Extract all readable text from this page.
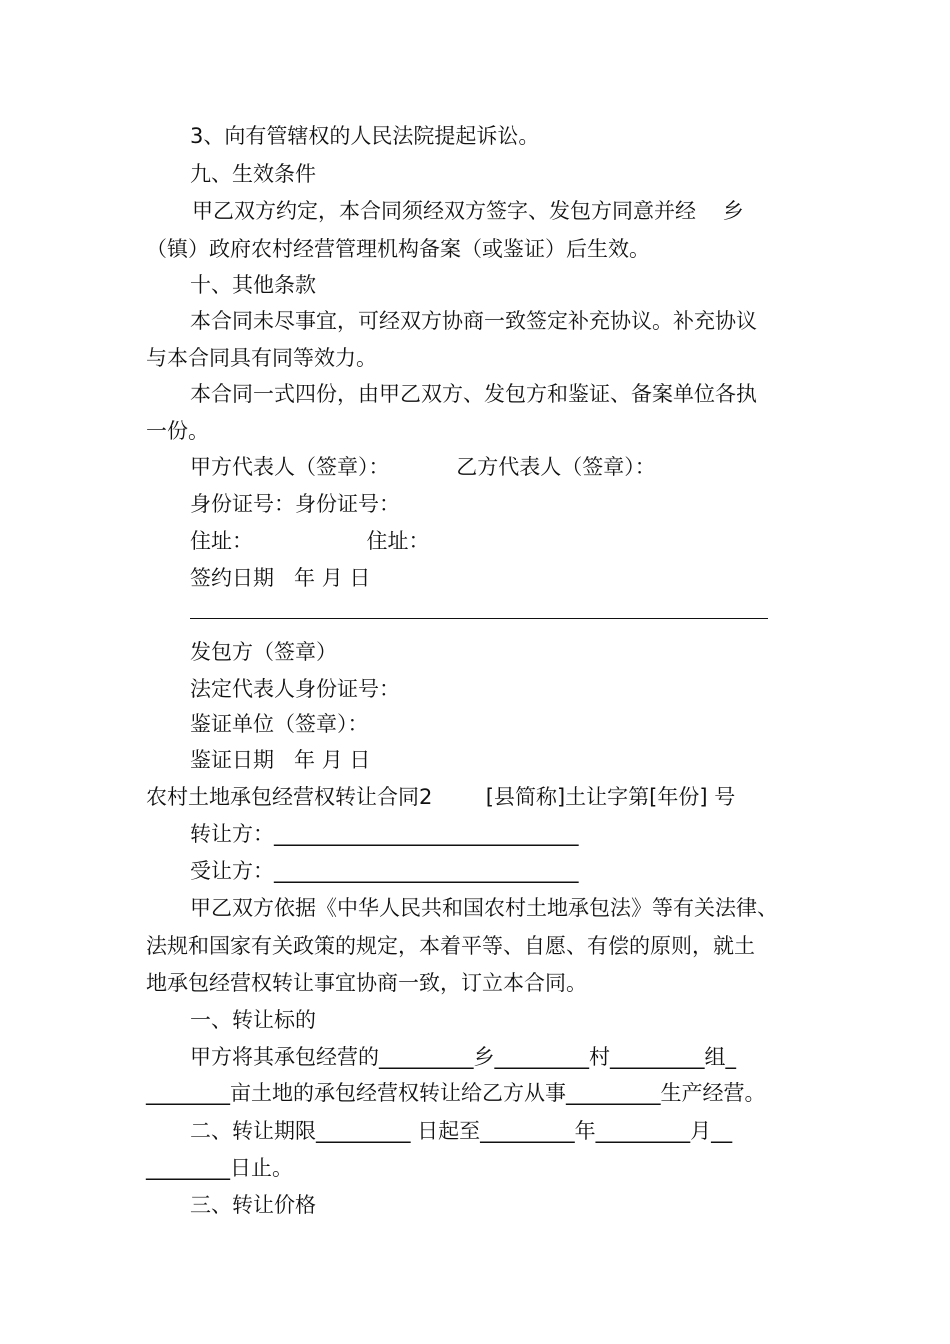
3、向有管辖权的人民法院提起诉讼。
九、生效条件
甲乙双方约定，本合同须经双方签字、发包方同意并经    乡
（镇）政府农村经营管理机构备案（或鉴证）后生效。
十、其他条款
本合同未尽事宜，可经双方协商一致签定补充协议。补充协议
与本合同具有同等效力。
本合同一式四份，由甲乙双方、发包方和鉴证、备案单位各执
一份。
甲方代表人（签章）：          乙方代表人（签章）：
身份证号：身份证号：
住址：                 住址：
签约日期   年 月 日
发包方（签章）
法定代表人身份证号：
鉴证单位（签章）：
鉴证日期   年 月 日
农村土地承包经营权转让合同2        [县简称]土让字第[年份] 号
转让方：_____________________________
受让方：_____________________________
甲乙双方依据《中华人民共和国农村土地承包法》等有关法律、
法规和国家有关政策的规定，本着平等、自愿、有偿的原则，就土
地承包经营权转让事宜协商一致，订立本合同。
一、转让标的
甲方将其承包经营的_________乡_________村_________组_
________亩土地的承包经营权转让给乙方从事_________生产经营。
二、转让期限_________ 日起至_________年_________月__
________日止。
三、转让价格
